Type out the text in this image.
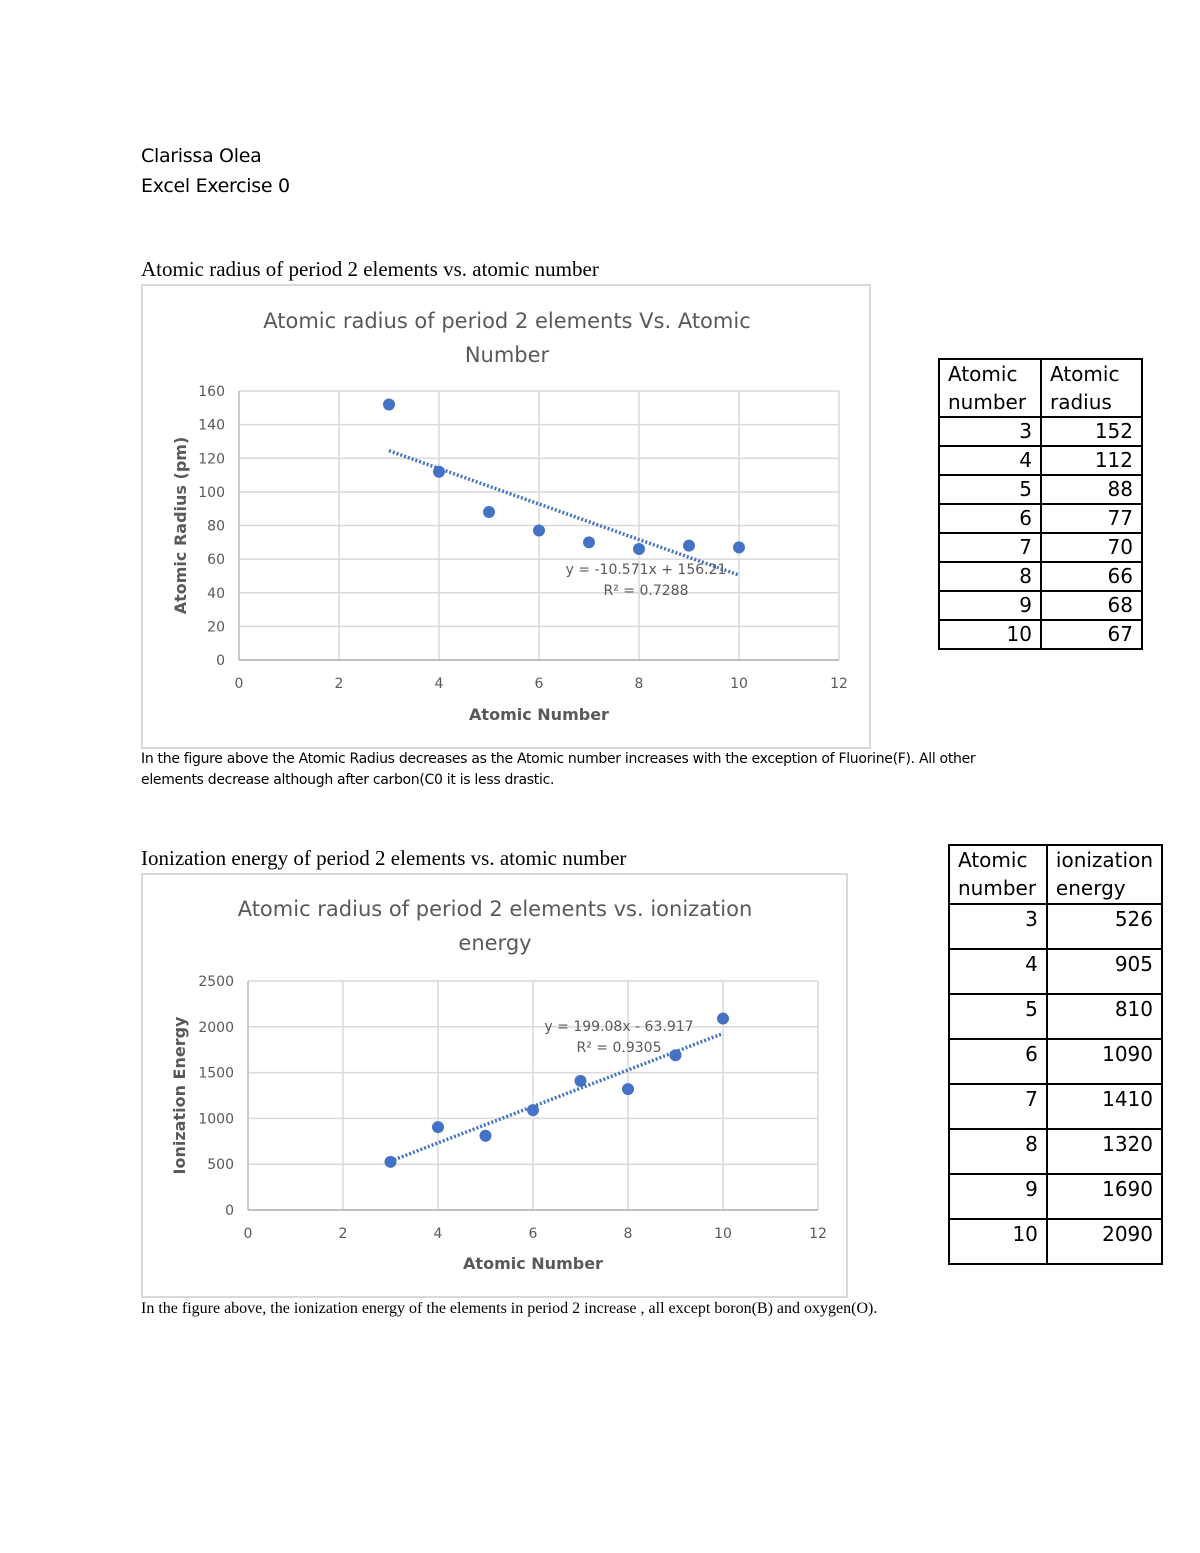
Clarissa Olea
Excel Exercise 0
Atomic radius of period 2 elements vs. atomic number
Atomic radius of period 2 elements Vs. Atomic
Number
0
20
40
60
80
100
120
140
160
0	2	4	6	8	10	12
Atomic Number
Atomic Radius (pm)	y = -10.571x + 156.21
R² = 0.7288
Atomic
number	Atomic
radius
3	152
4	112
5	88
6	77
7	70
8	66
9	68
10	67
In the figure above the Atomic Radius decreases as the Atomic number increases with the exception of Fluorine(F). All other
elements decrease although after carbon(C0 it is less drastic.
Ionization energy of period 2 elements vs. atomic number
Atomic radius of period 2 elements vs. ionization
energy
0
500
1000
1500
2000
2500
0	2	4	6	8	10	12
Atomic Number
Ionization Energy	y = 199.08x - 63.917
R² = 0.9305
Atomic
number	ionization
energy
3	526
4	905
5	810
6	1090
7	1410
8	1320
9	1690
10	2090
In the figure above, the ionization energy of the elements in period 2 increase , all except boron(B) and oxygen(O).
